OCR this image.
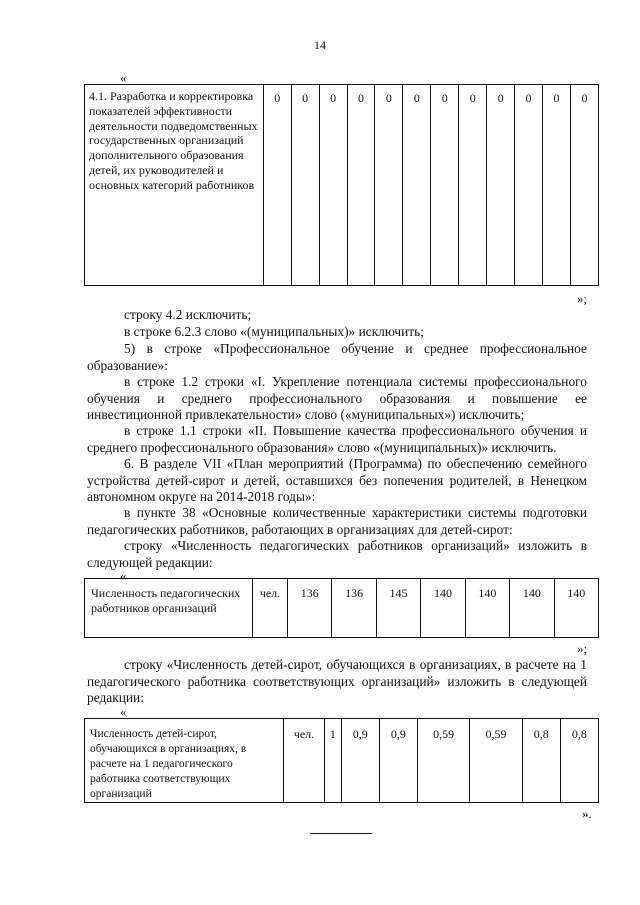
14
«
4.1. Разработка и корректировка показателей эффективности деятельности подведомственных государственных организаций дополнительного образования детей, их руководителей и основных категорий работников	0	0	0	0	0	0	0	0	0	0	0	0
»;
строку 4.2 исключить;
в строке 6.2.3 слово «(муниципальных)» исключить;
5) в строке «Профессиональное обучение и среднее профессиональное образование»:
в строке 1.2 строки «I. Укрепление потенциала системы профессионального обучения и среднего профессионального образования и повышение ее инвестиционной привлекательности» слово («муниципальных») исключить;
в строке 1.1 строки «II. Повышение качества профессионального обучения и среднего профессионального образования» слово «(муниципальных)» исключить.
6. В разделе VII «План мероприятий (Программа) по обеспечению семейного устройства детей-сирот и детей, оставшихся без попечения родителей, в Ненецком автономном округе на 2014-2018 годы»:
в пункте 38 «Основные количественные характеристики системы подготовки педагогических работников, работающих в организациях для детей-сирот:
строку «Численность педагогических работников организаций» изложить в следующей редакции:
«
Численность педагогических работников организаций	чел.	136	136	145	140	140	140	140
»;
строку «Численность детей-сирот, обучающихся в организациях, в расчете на 1 педагогического работника соответствующих организаций» изложить в следующей редакции:
«
Численность детей-сирот, обучающихся в организациях, в расчете на 1 педагогического работника соответствующих организаций	чел.	1	0,9	0,9	0,59	0,59	0,8	0,8
».
